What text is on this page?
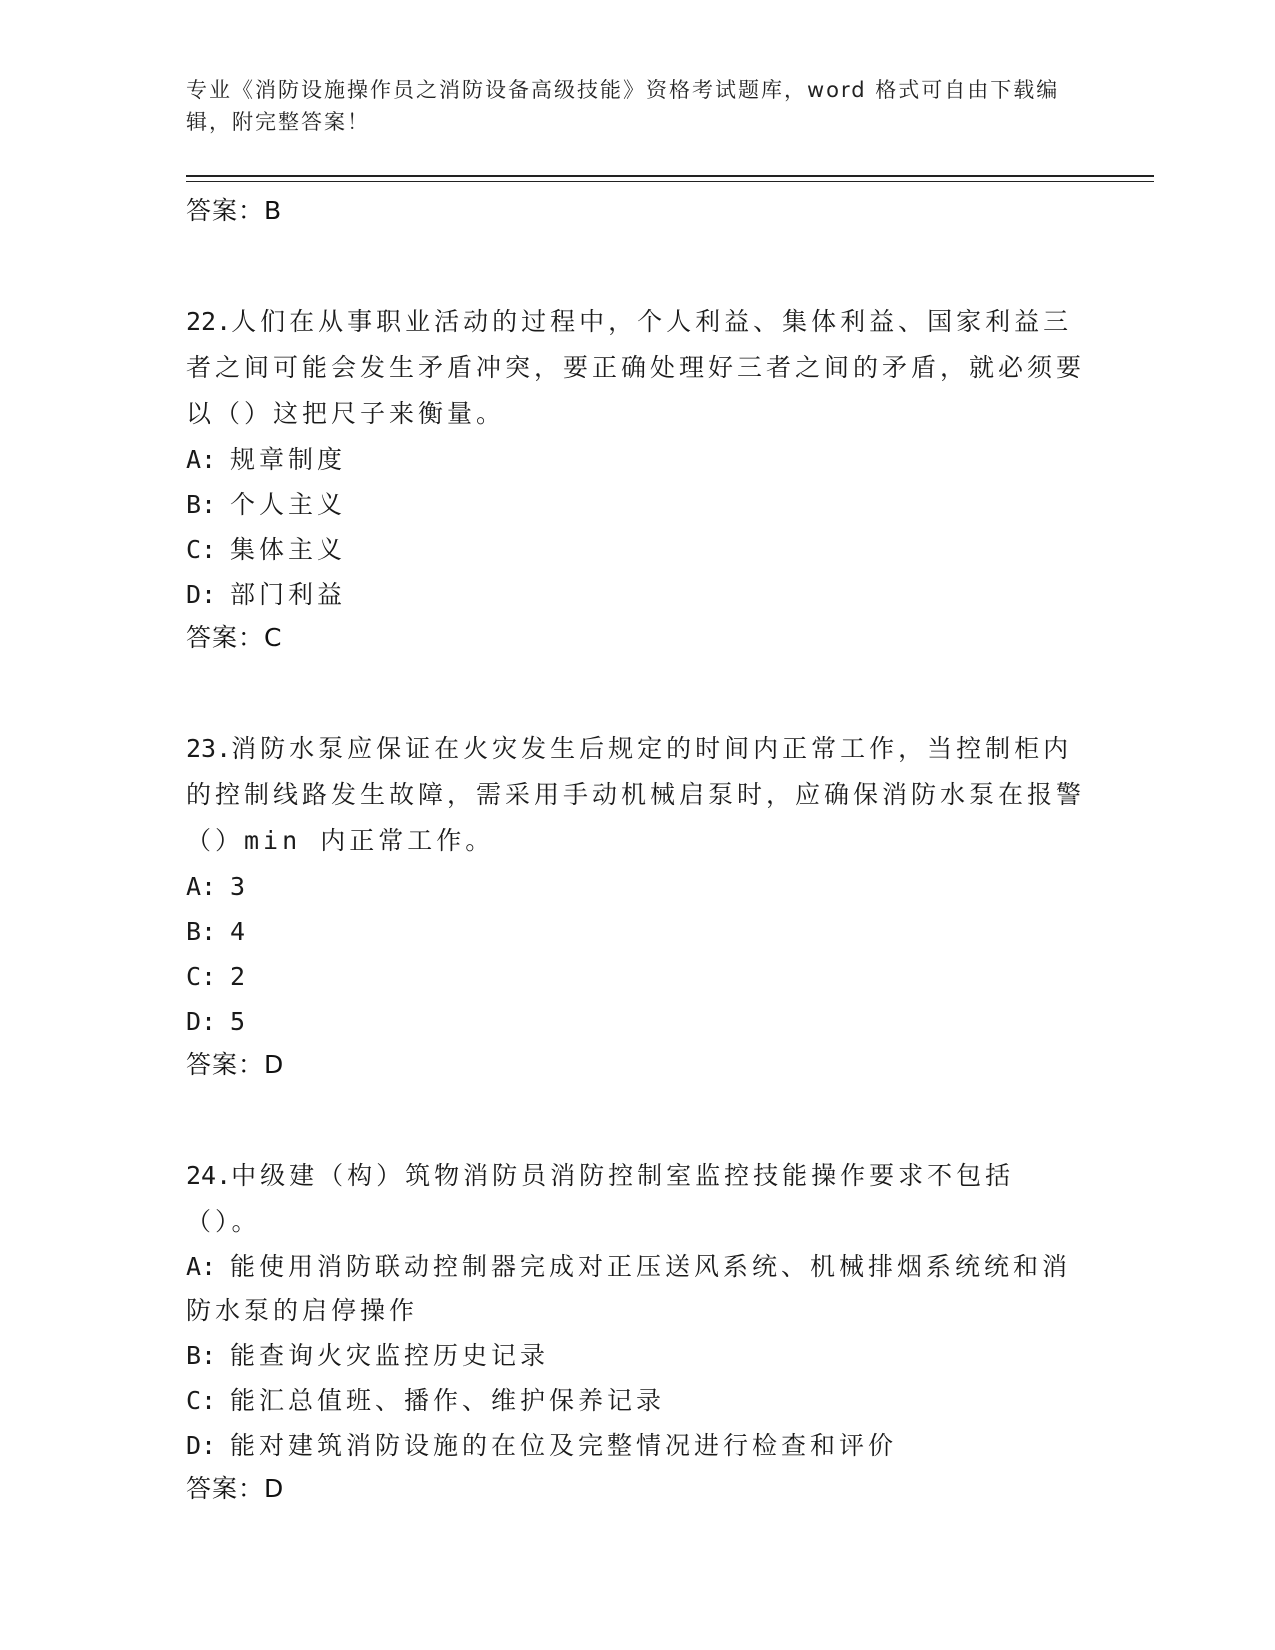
专业《消防设施操作员之消防设备高级技能》资格考试题库，word 格式可自由下载编辑，附完整答案！
答案：B
22.人们在从事职业活动的过程中，个人利益、集体利益、国家利益三者之间可能会发生矛盾冲突，要正确处理好三者之间的矛盾，就必须要以（）这把尺子来衡量。
A: 规章制度
B: 个人主义
C: 集体主义
D: 部门利益
答案：C
23.消防水泵应保证在火灾发生后规定的时间内正常工作，当控制柜内的控制线路发生故障，需采用手动机械启泵时，应确保消防水泵在报警（）min 内正常工作。
A: 3
B: 4
C: 2
D: 5
答案：D
24.中级建（构）筑物消防员消防控制室监控技能操作要求不包括（）。
A: 能使用消防联动控制器完成对正压送风系统、机械排烟系统统和消防水泵的启停操作
B: 能查询火灾监控历史记录
C: 能汇总值班、播作、维护保养记录
D: 能对建筑消防设施的在位及完整情况进行检查和评价
答案：D
